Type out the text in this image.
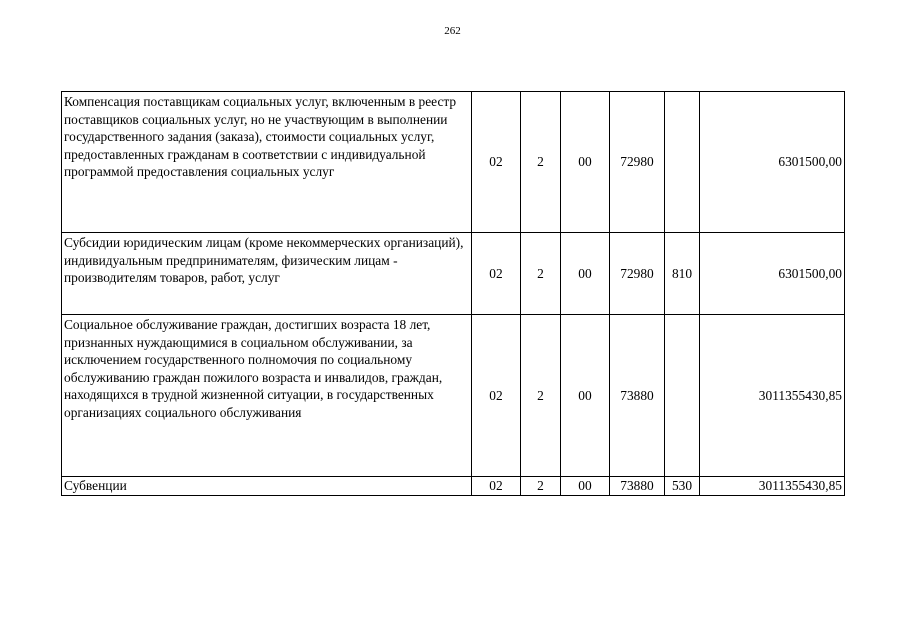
262
Компенсация поставщикам социальных услуг, включенным в реестр поставщиков социальных услуг, но не участвующим в выполнении государственного задания (заказа), стоимости социальных услуг, предоставленных гражданам в соответствии с индивидуальной программой предоставления социальных услуг	02	2	00	72980		6301500,00
Субсидии юридическим лицам (кроме некоммерческих организаций), индивидуальным предпринимателям, физическим лицам - производителям товаров, работ, услуг	02	2	00	72980	810	6301500,00
Социальное обслуживание граждан, достигших возраста 18 лет, признанных нуждающимися в социальном обслуживании, за исключением государственного полномочия по социальному обслуживанию граждан пожилого возраста и инвалидов, граждан, находящихся в трудной жизненной ситуации, в государственных организациях социального обслуживания	02	2	00	73880		3011355430,85
Субвенции	02	2	00	73880	530	3011355430,85
